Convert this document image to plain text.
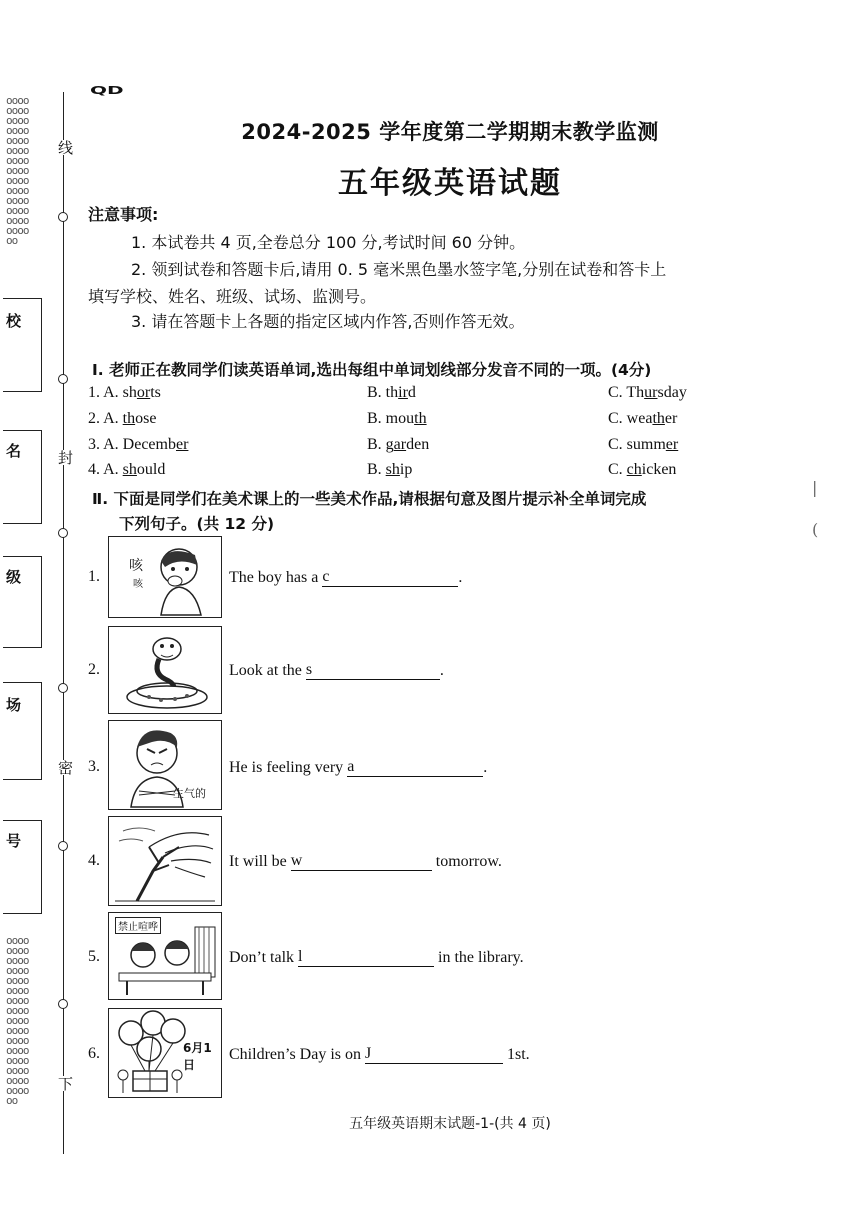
线
封
密
下
oooooooooooooooooooooooooooooooooooooooooooooooooooooooooo
oooooooooooooooooooooooooooooooooooooooooooooooooooooooooooooooooo
校
名
级
场
号
QD
2024-2025 学年度第二学期期末教学监测
五年级英语试题
注意事项:
1. 本试卷共 4 页,全卷总分 100 分,考试时间 60 分钟。
2. 领到试卷和答题卡后,请用 0. 5 毫米黑色墨水签字笔,分别在试卷和答卡上
填写学校、姓名、班级、试场、监测号。
3. 请在答题卡上各题的指定区域内作答,否则作答无效。
Ⅰ. 老师正在教同学们读英语单词,选出每组中单词划线部分发音不同的一项。(4分)
1. A. shorts	B. third	C. Thursday
2. A. those	B. mouth	C. weather
3. A. December	B. garden	C. summer
4. A. should	B. ship	C. chicken
Ⅱ. 下面是同学们在美术课上的一些美术作品,请根据句意及图片提示补全单词完成
下列句子。(共 12 分)
咳
咳
1.	The boy has a c	.
2.	Look at the s	.
生气的
3.	He is feeling very a	.
4.	It will be w	tomorrow.
禁止喧哗
5.	Don’t talk l	in the library.
6月1日
6.	Children’s Day is on J	1st.
|
(
五年级英语期末试题-1-(共 4 页)
